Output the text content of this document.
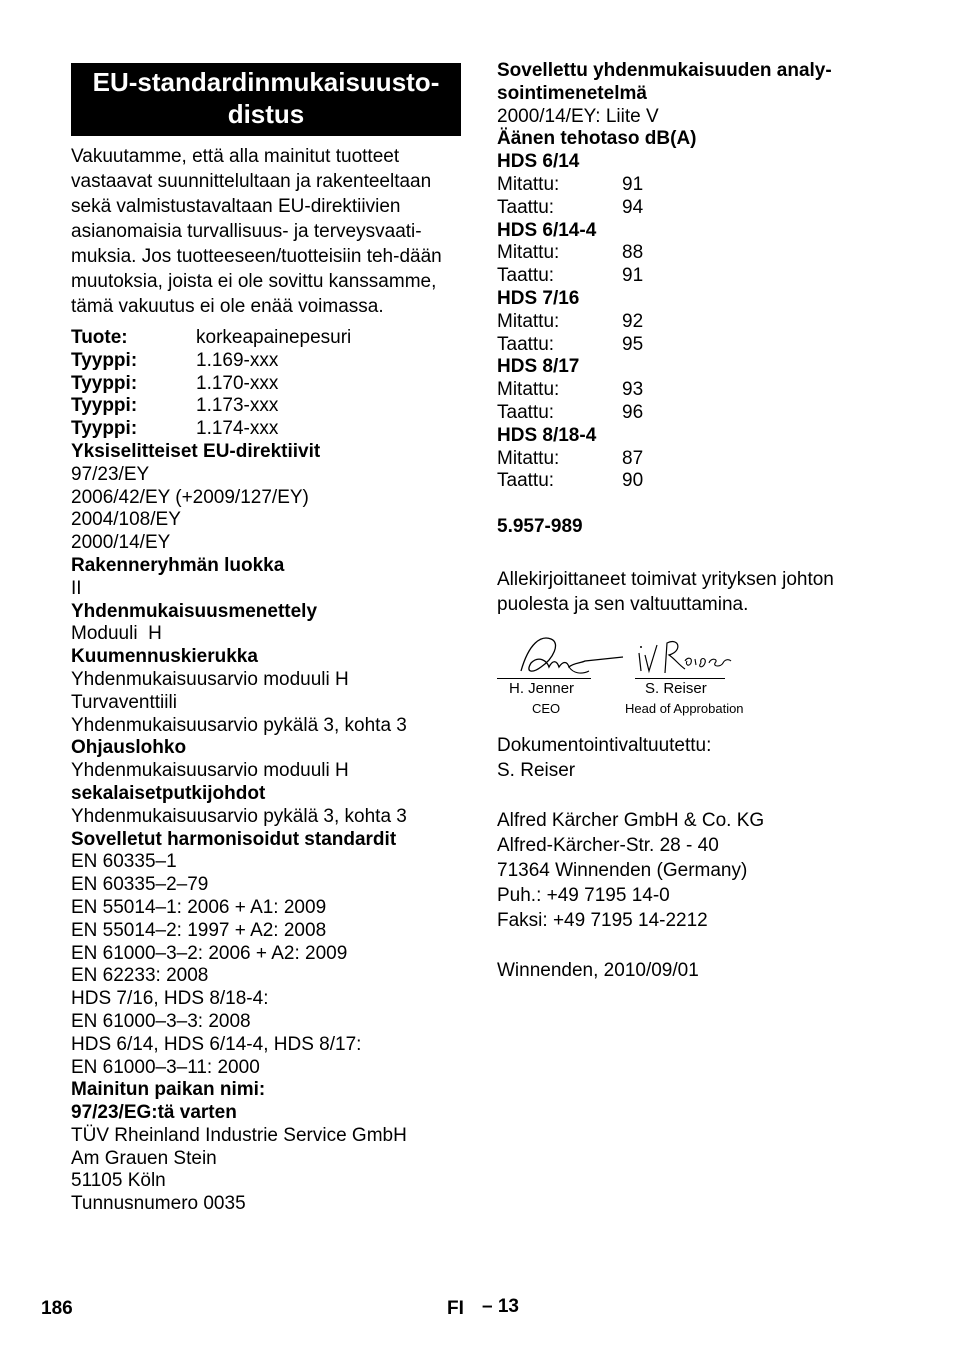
EU-standardinmukaisuusto-
distus
Vakuutamme, että alla mainitut tuotteet vastaavat suunnittelultaan ja rakenteeltaan sekä valmistustavaltaan EU-direktiivien asianomaisia turvallisuus- ja terveysvaati-muksia. Jos tuotteeseen/tuotteisiin teh-dään muutoksia, joista ei ole sovittu kanssamme, tämä vakuutus ei ole enää voimassa.
Tuote:	korkeapainepesuri
Tyyppi:	1.169-xxx
Tyyppi:	1.170-xxx
Tyyppi:	1.173-xxx
Tyyppi:	1.174-xxx
Yksiselitteiset EU-direktiivit
97/23/EY
2006/42/EY (+2009/127/EY)
2004/108/EY
2000/14/EY
Rakenneryhmän luokka
II
Yhdenmukaisuusmenettely
Moduuli  H
Kuumennuskierukka
Yhdenmukaisuusarvio moduuli H
Turvaventtiili
Yhdenmukaisuusarvio pykälä 3, kohta 3
Ohjauslohko
Yhdenmukaisuusarvio moduuli H
sekalaisetputkijohdot
Yhdenmukaisuusarvio pykälä 3, kohta 3
Sovelletut harmonisoidut standardit
EN 60335–1
EN 60335–2–79
EN 55014–1: 2006 + A1: 2009
EN 55014–2: 1997 + A2: 2008
EN 61000–3–2: 2006 + A2: 2009
EN 62233: 2008
HDS 7/16, HDS 8/18-4:
EN 61000–3–3: 2008
HDS 6/14, HDS 6/14-4, HDS 8/17:
EN 61000–3–11: 2000
Mainitun paikan nimi:
97/23/EG:tä varten
TÜV Rheinland Industrie Service GmbH
Am Grauen Stein
51105 Köln
Tunnusnumero 0035
Sovellettu yhdenmukaisuuden analy-
sointimenetelmä
2000/14/EY: Liite V
Äänen tehotaso dB(A)
HDS 6/14
Mitattu:	91
Taattu:	94
HDS 6/14-4
Mitattu:	88
Taattu:	91
HDS 7/16
Mitattu:	92
Taattu:	95
HDS 8/17
Mitattu:	93
Taattu:	96
HDS 8/18-4
Mitattu:	87
Taattu:	90
5.957-989
Allekirjoittaneet toimivat yrityksen johton puolesta ja sen valtuuttamina.
H. Jenner
CEO
S. Reiser
Head of Approbation
Dokumentointivaltuutettu:
S. Reiser
Alfred Kärcher GmbH & Co. KG
Alfred-Kärcher-Str. 28 - 40
71364 Winnenden (Germany)
Puh.: +49 7195 14-0
Faksi: +49 7195 14-2212
Winnenden, 2010/09/01
186	FI – 13
